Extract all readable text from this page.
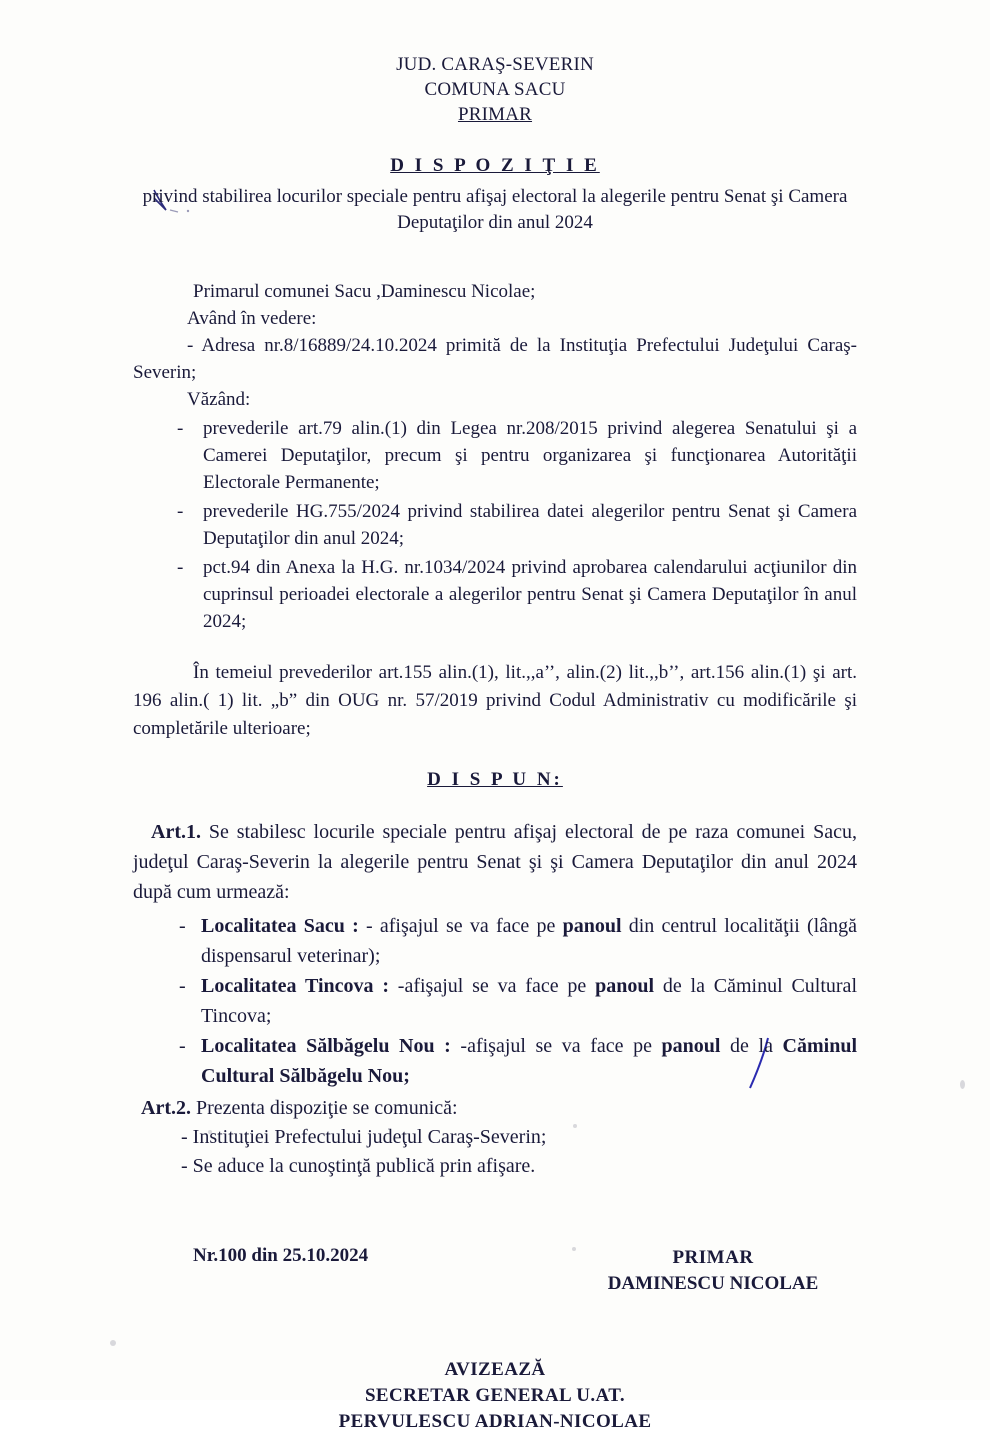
JUD. CARAŞ-SEVERIN
COMUNA SACU
PRIMAR
D I S P O Z I Ţ I E
privind stabilirea locurilor speciale pentru afişaj electoral la alegerile pentru Senat şi Camera Deputaţilor din anul 2024
Primarul comunei Sacu ,Daminescu Nicolae;
Având în vedere:
- Adresa nr.8/16889/24.10.2024 primită de la Instituţia Prefectului Judeţului Caraş-Severin;
Văzând:
- prevederile art.79 alin.(1) din Legea nr.208/2015 privind alegerea Senatului şi a Camerei Deputaţilor, precum şi pentru organizarea şi funcţionarea Autorităţii Electorale Permanente;
- prevederile HG.755/2024 privind stabilirea datei alegerilor pentru Senat şi Camera Deputaţilor din anul 2024;
- pct.94 din Anexa la H.G. nr.1034/2024 privind aprobarea calendarului acţiunilor din cuprinsul perioadei electorale a alegerilor pentru Senat şi Camera Deputaţilor în anul 2024;
În temeiul prevederilor art.155 alin.(1), lit.,,a’’, alin.(2) lit.,,b’’, art.156 alin.(1) şi art. 196 alin.( 1) lit. „b” din OUG nr. 57/2019 privind Codul Administrativ cu modificările şi completările ulterioare;
D I S P U N:
Art.1. Se stabilesc locurile speciale pentru afişaj electoral de pe raza comunei Sacu, judeţul Caraş-Severin la alegerile pentru Senat şi şi Camera Deputaţilor din anul 2024 după cum urmează:
- Localitatea Sacu : - afişajul se va face pe panoul din centrul localităţii (lângă dispensarul veterinar);
- Localitatea Tincova : -afişajul se va face pe panoul de la Căminul Cultural Tincova;
- Localitatea Sălbăgelu Nou : -afişajul se va face pe panoul de la Căminul Cultural Sălbăgelu Nou;
Art.2. Prezenta dispoziţie se comunică:
- Instituţiei Prefectului judeţul Caraş-Severin;
- Se aduce la cunoştinţă publică prin afişare.
Nr.100 din 25.10.2024	PRIMAR
DAMINESCU NICOLAE
AVIZEAZĂ
SECRETAR GENERAL U.AT.
PERVULESCU ADRIAN-NICOLAE
